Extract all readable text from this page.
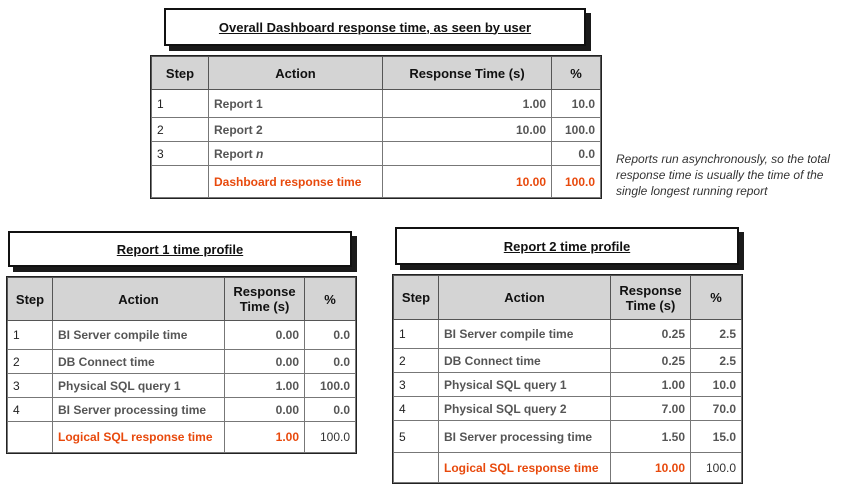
Overall Dashboard response time, as seen by user
Step	Action	Response Time (s)	%
1	Report 1	1.00	10.0
2	Report 2	10.00	100.0
3	Report n		0.0
	Dashboard response time	10.00	100.0
Reports run asynchronously, so the total response time is usually the time of the single longest running report
Report 1 time profile
Step	Action	Response Time (s)	%
1	BI Server compile time	0.00	0.0
2	DB Connect time	0.00	0.0
3	Physical SQL query 1	1.00	100.0
4	BI Server processing time	0.00	0.0
	Logical SQL response time	1.00	100.0
Report 2 time profile
Step	Action	Response Time (s)	%
1	BI Server compile time	0.25	2.5
2	DB Connect time	0.25	2.5
3	Physical SQL query 1	1.00	10.0
4	Physical SQL query 2	7.00	70.0
5	BI Server processing time	1.50	15.0
	Logical SQL response time	10.00	100.0
